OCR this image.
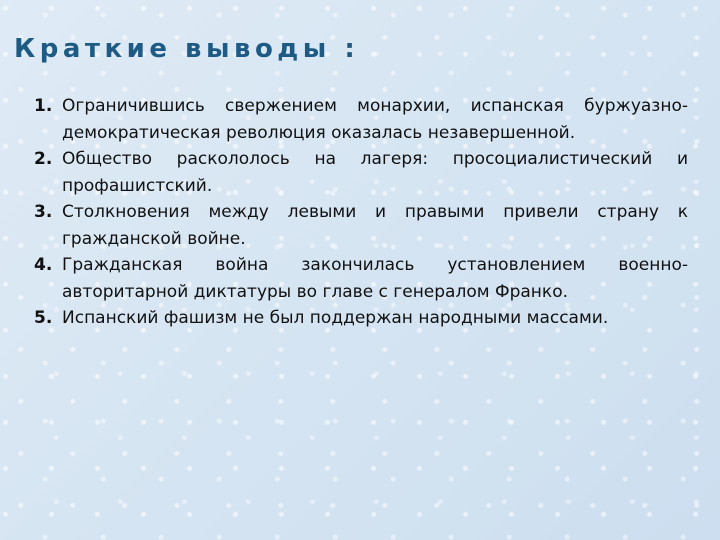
Краткие выводы :
1. Ограничившись свержением монархии, испанская буржуазно-демократическая революция оказалась незавершенной.
2. Общество раскололось на лагеря: просоциалистический и профашистский.
3. Столкновения между левыми и правыми привели страну к гражданской войне.
4. Гражданская война закончилась установлением военно-авторитарной диктатуры во главе с генералом Франко.
5. Испанский фашизм не был поддержан народными массами.
